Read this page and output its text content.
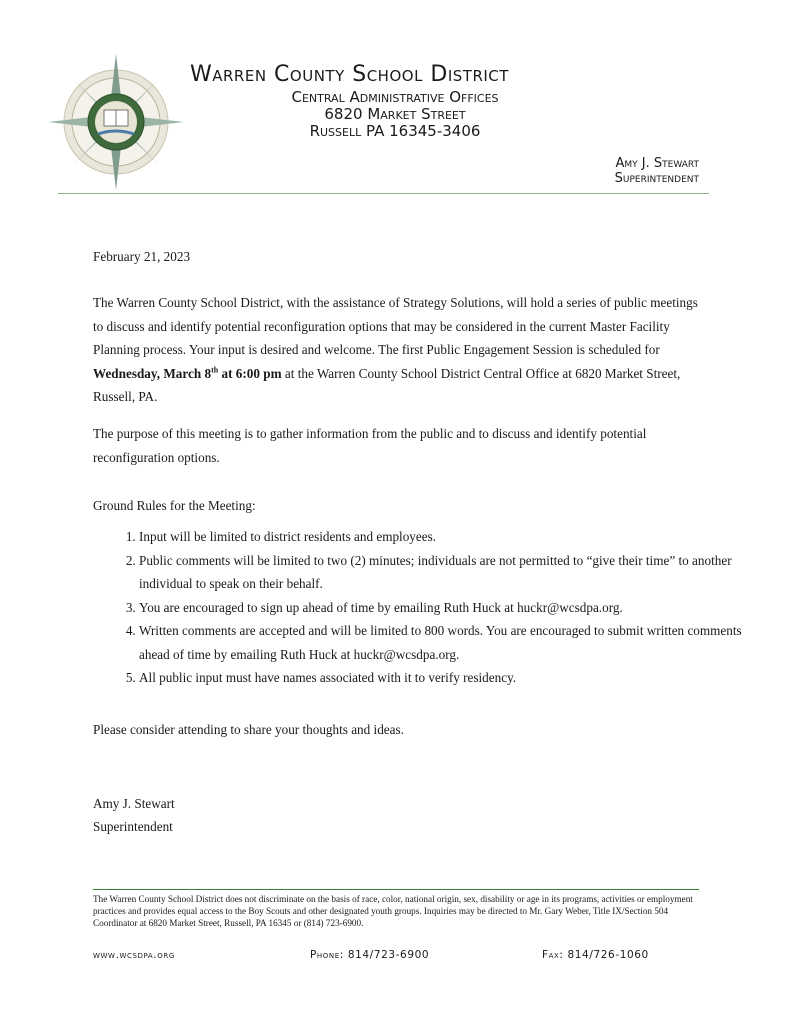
Warren County School District
Central Administrative Offices
6820 Market Street
Russell PA 16345-3406
Amy J. Stewart
Superintendent
February 21, 2023
The Warren County School District, with the assistance of Strategy Solutions, will hold a series of public meetings to discuss and identify potential reconfiguration options that may be considered in the current Master Facility Planning process. Your input is desired and welcome. The first Public Engagement Session is scheduled for Wednesday, March 8th at 6:00 pm at the Warren County School District Central Office at 6820 Market Street, Russell, PA.
The purpose of this meeting is to gather information from the public and to discuss and identify potential reconfiguration options.
Ground Rules for the Meeting:
1. Input will be limited to district residents and employees.
2. Public comments will be limited to two (2) minutes; individuals are not permitted to “give their time” to another individual to speak on their behalf.
3. You are encouraged to sign up ahead of time by emailing Ruth Huck at huckr@wcsdpa.org.
4. Written comments are accepted and will be limited to 800 words. You are encouraged to submit written comments ahead of time by emailing Ruth Huck at huckr@wcsdpa.org.
5. All public input must have names associated with it to verify residency.
Please consider attending to share your thoughts and ideas.
Amy J. Stewart
Superintendent
The Warren County School District does not discriminate on the basis of race, color, national origin, sex, disability or age in its programs, activities or employment practices and provides equal access to the Boy Scouts and other designated youth groups. Inquiries may be directed to Mr. Gary Weber, Title IX/Section 504 Coordinator at 6820 Market Street, Russell, PA 16345 or (814) 723-6900.
www.wcsdpa.org	Phone: 814/723-6900	Fax: 814/726-1060
